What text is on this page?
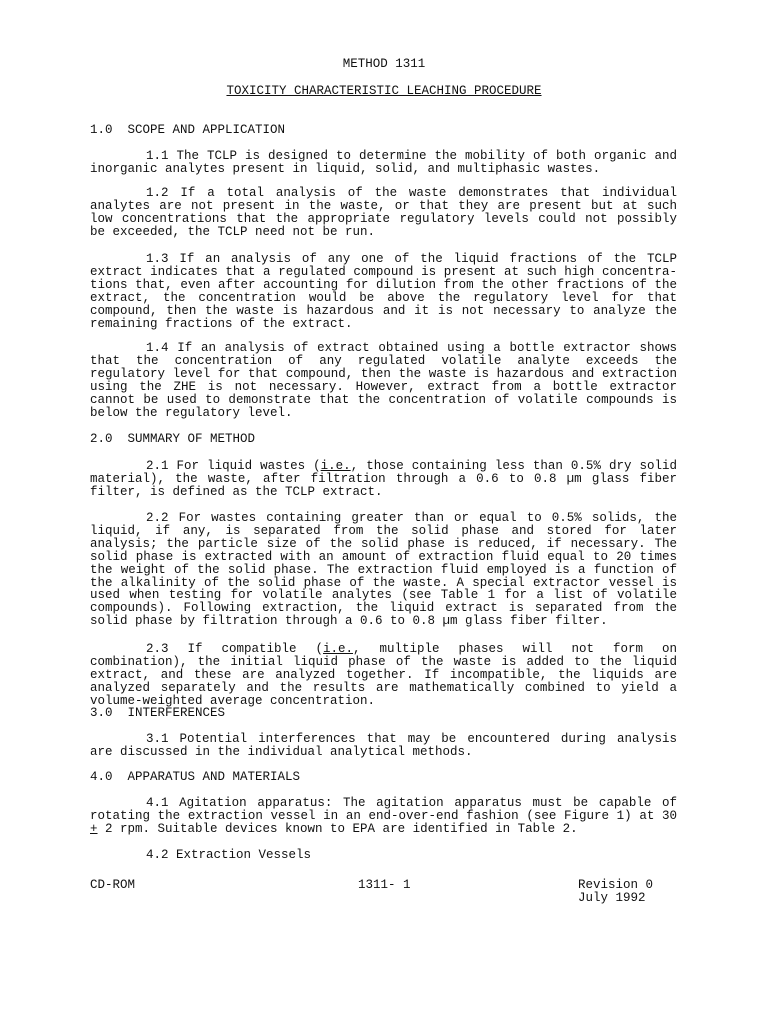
METHOD 1311
TOXICITY CHARACTERISTIC LEACHING PROCEDURE
1.0  SCOPE AND APPLICATION
1.1 The TCLP is designed to determine the mobility of both organic and inorganic analytes present in liquid, solid, and multiphasic wastes.
1.2 If a total analysis of the waste demonstrates that individual analytes are not present in the waste, or that they are present but at such low concentrations that the appropriate regulatory levels could not possibly be exceeded, the TCLP need not be run.
1.3 If an analysis of any one of the liquid fractions of the TCLP extract indicates that a regulated compound is present at such high concentra-tions that, even after accounting for dilution from the other fractions of the extract, the concentration would be above the regulatory level for that compound, then the waste is hazardous and it is not necessary to analyze the remaining fractions of the extract.
1.4 If an analysis of extract obtained using a bottle extractor shows that the concentration of any regulated volatile analyte exceeds the regulatory level for that compound, then the waste is hazardous and extraction using the ZHE is not necessary. However, extract from a bottle extractor cannot be used to demonstrate that the concentration of volatile compounds is below the regulatory level.
2.0  SUMMARY OF METHOD
2.1 For liquid wastes (i.e., those containing less than 0.5% dry solid material), the waste, after filtration through a 0.6 to 0.8 µm glass fiber filter, is defined as the TCLP extract.
2.2 For wastes containing greater than or equal to 0.5% solids, the liquid, if any, is separated from the solid phase and stored for later analysis; the particle size of the solid phase is reduced, if necessary. The solid phase is extracted with an amount of extraction fluid equal to 20 times the weight of the solid phase. The extraction fluid employed is a function of the alkalinity of the solid phase of the waste. A special extractor vessel is used when testing for volatile analytes (see Table 1 for a list of volatile compounds). Following extraction, the liquid extract is separated from the solid phase by filtration through a 0.6 to 0.8 µm glass fiber filter.
2.3 If compatible (i.e., multiple phases will not form on combination), the initial liquid phase of the waste is added to the liquid extract, and these are analyzed together. If incompatible, the liquids are analyzed separately and the results are mathematically combined to yield a volume-weighted average concentration.
3.0  INTERFERENCES
3.1 Potential interferences that may be encountered during analysis are discussed in the individual analytical methods.
4.0  APPARATUS AND MATERIALS
4.1 Agitation apparatus: The agitation apparatus must be capable of rotating the extraction vessel in an end-over-end fashion (see Figure 1) at 30 + 2 rpm. Suitable devices known to EPA are identified in Table 2.
4.2 Extraction Vessels
CD-ROM	1311- 1	Revision 0
July 1992
